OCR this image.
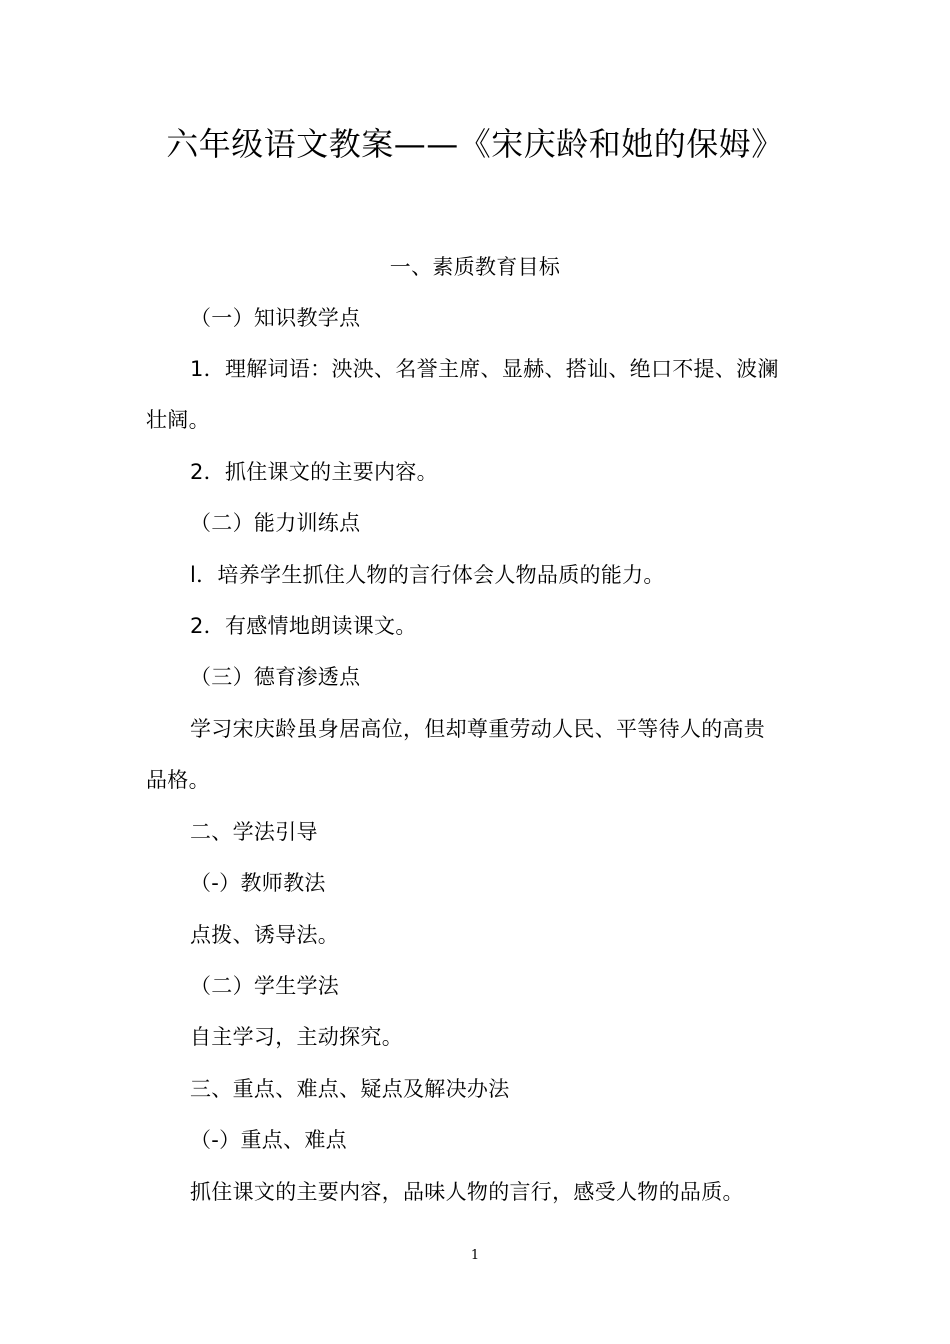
六年级语文教案——《宋庆龄和她的保姆》
一、素质教育目标
（一）知识教学点
1．理解词语：泱泱、名誉主席、显赫、搭讪、绝口不提、波澜
壮阔。
2．抓住课文的主要内容。
（二）能力训练点
l．培养学生抓住人物的言行体会人物品质的能力。
2．有感情地朗读课文。
（三）德育渗透点
学习宋庆龄虽身居高位，但却尊重劳动人民、平等待人的高贵
品格。
二、学法引导
（-）教师教法
点拨、诱导法。
（二）学生学法
自主学习，主动探究。
三、重点、难点、疑点及解决办法
（-）重点、难点
抓住课文的主要内容，品味人物的言行，感受人物的品质。
1
